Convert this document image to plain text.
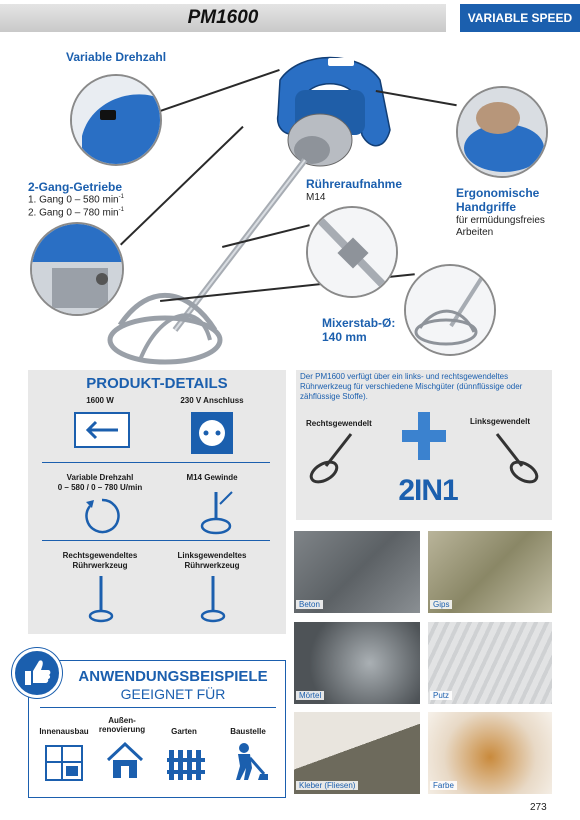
PM1600	VARIABLE SPEED
Variable Drehzahl
2-Gang-Getriebe
1. Gang 0 – 580 $\min^{-1}$
2. Gang 0 – 780 $\min^{-1}$
Rühreraufnahme
M14	Ergonomische
Handgriffe
für ermüdungsfreies
Arbeiten
Mixerstab-Ø:
140 mm
PRODUKT-DETAILS
1600 W	230 V Anschluss
Variable Drehzahl
0 – 580 / 0 – 780 U/min
M14 Gewinde
Rechtsgewendeltes
Rührwerkzeug
Linksgewendeltes
Rührwerkzeug
Der PM1600 verfügt über ein links- und rechtsgewendeltes Rührwerkzeug für verschiedene Mischgüter (dünnflüssige oder zähflüssige Stoffe).
Rechtsgewendelt	Linksgewendelt
2IN1
Beton	Gips
Mörtel	Putz
Kleber (Fliesen)	Farbe
ANWENDUNGSBEISPIELE
GEEIGNET FÜR
Innenausbau
Außen-
renovierung	Garten	Baustelle
273
